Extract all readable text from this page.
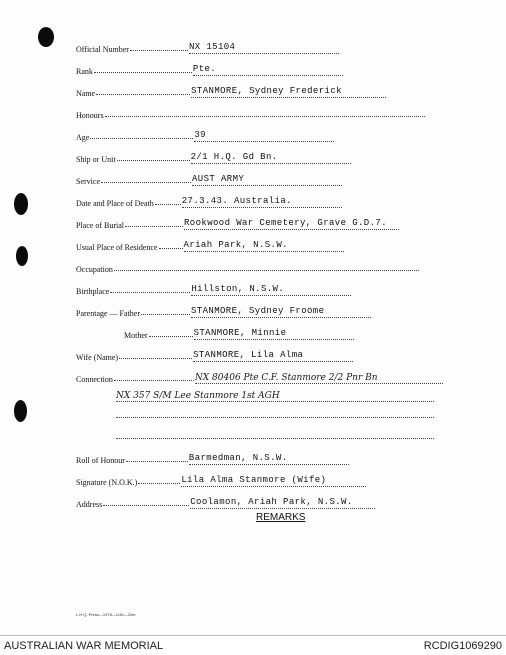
Official Number	NX 15104
Rank	Pte.
Name	STANMORE, Sydney Frederick
Honours
Age	39
Ship or Unit	2/1 H.Q. Gd Bn.
Service	AUST ARMY
Date and Place of Death	27.3.43. Australia.
Place of Burial	Rookwood War Cemetery, Grave G.D.7.
Usual Place of Residence	Ariah Park, N.S.W.
Occupation
Birthplace	Hillston, N.S.W.
Parentage — Father	STANMORE, Sydney Froome
Mother	STANMORE, Minnie
Wife (Name)	STANMORE, Lila Alma
Connection	NX 80406 Pte C.F. Stanmore 2/2 Pnr Bn
NX 357 S/M Lee Stanmore 1st AGH
Roll of Honour	Barmedman, N.S.W.
Signature (N.O.K.)	Lila Alma Stanmore (Wife)
Address	Coolamon, Ariah Park, N.S.W.
REMARKS
L.H.Q. Press—1976—1/45—20m.
AUSTRALIAN WAR MEMORIAL	RCDIG1069290
